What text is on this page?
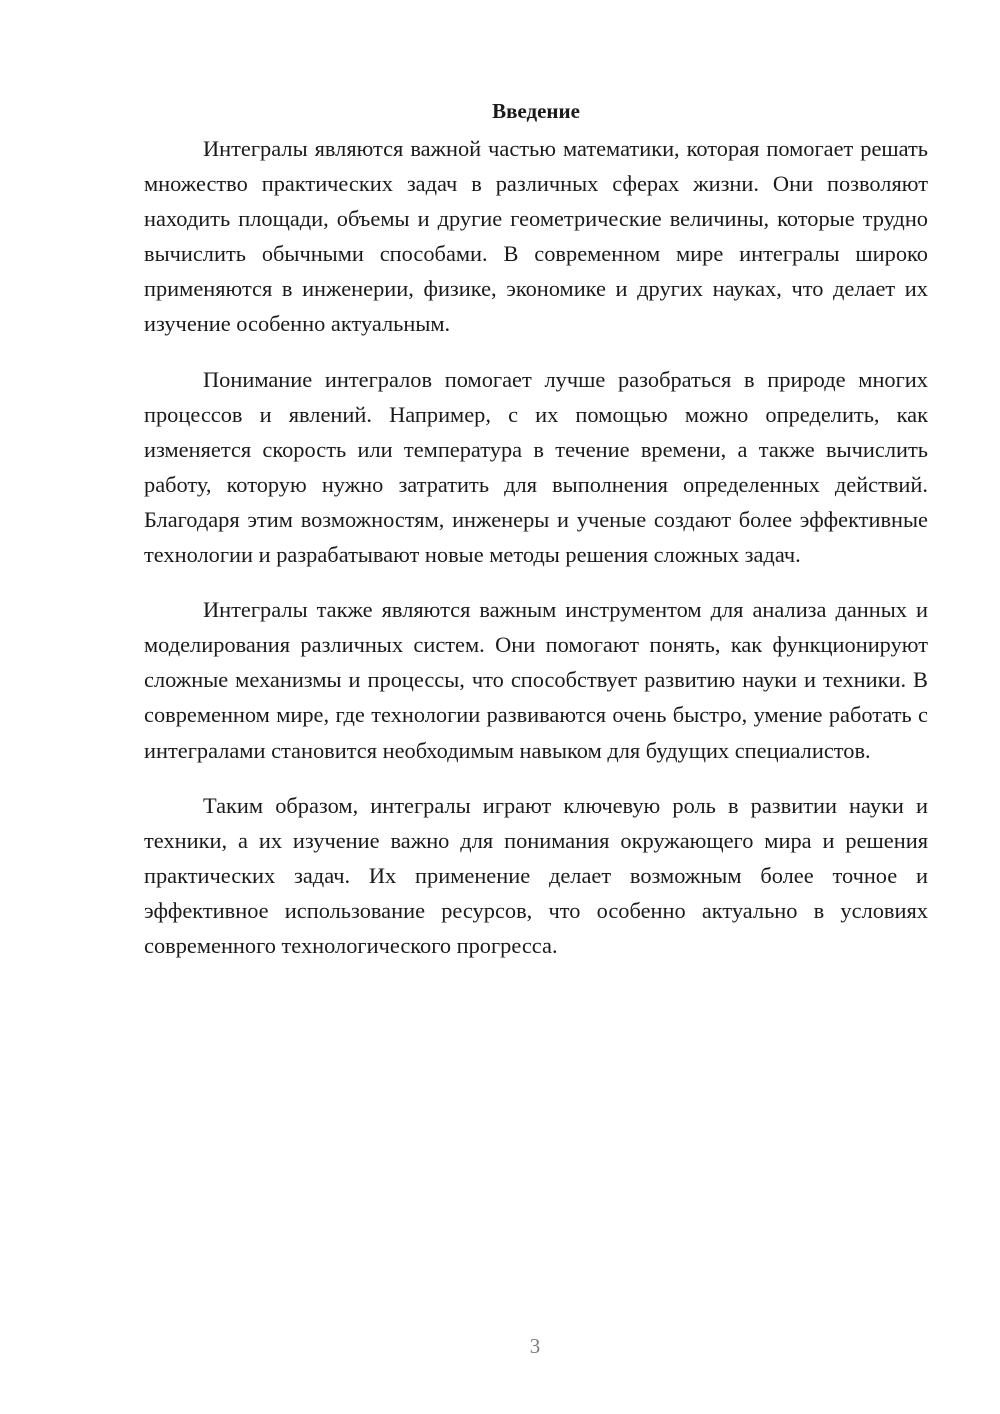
Введение

Интегралы являются важной частью математики, которая помогает решать множество практических задач в различных сферах жизни. Они позволяют находить площади, объемы и другие геометрические величины, которые трудно вычислить обычными способами. В современном мире интегралы широко применяются в инженерии, физике, экономике и других науках, что делает их изучение особенно актуальным.

Понимание интегралов помогает лучше разобраться в природе многих процессов и явлений. Например, с их помощью можно определить, как изменяется скорость или температура в течение времени, а также вычислить работу, которую нужно затратить для выполнения определенных действий. Благодаря этим возможностям, инженеры и ученые создают более эффективные технологии и разрабатывают новые методы решения сложных задач.

Интегралы также являются важным инструментом для анализа данных и моделирования различных систем. Они помогают понять, как функционируют сложные механизмы и процессы, что способствует развитию науки и техники. В современном мире, где технологии развиваются очень быстро, умение работать с интегралами становится необходимым навыком для будущих специалистов.

Таким образом, интегралы играют ключевую роль в развитии науки и техники, а их изучение важно для понимания окружающего мира и решения практических задач. Их применение делает возможным более точное и эффективное использование ресурсов, что особенно актуально в условиях современного технологического прогресса.

3
